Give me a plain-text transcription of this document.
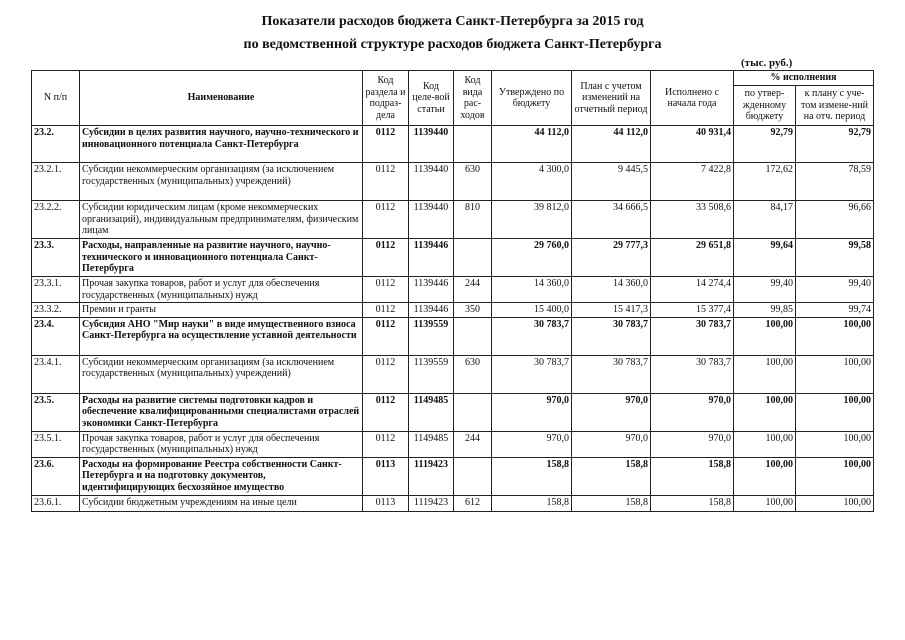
Показатели расходов бюджета Санкт-Петербурга за 2015 год
по ведомственной структуре расходов бюджета Санкт-Петербурга
(тыс. руб.)
N п/п	Наименование	Код раздела и подраз-дела	Код целе-вой статьи	Код вида рас-ходов	Утверждено по бюджету	План с учетом изменений на отчетный период	Исполнено с начала года	% исполнения	
								по утвер-жденному бюджету	к плану с уче-том измене-ний на отч. период
23.2.	Субсидии в целях развития научного, научно-технического и инновационного потенциала Санкт-Петербурга	0112	1139440		44 112,0	44 112,0	40 931,4	92,79	92,79
23.2.1.	Субсидии некоммерческим организациям (за исключением государственных (муниципальных) учреждений)	0112	1139440	630	4 300,0	9 445,5	7 422,8	172,62	78,59
23.2.2.	Субсидии юридическим лицам (кроме некоммерческих организаций), индивидуальным предпринимателям, физическим лицам	0112	1139440	810	39 812,0	34 666,5	33 508,6	84,17	96,66
23.3.	Расходы, направленные на развитие научного, научно-технического и инновационного потенциала Санкт-Петербурга	0112	1139446		29 760,0	29 777,3	29 651,8	99,64	99,58
23.3.1.	Прочая закупка товаров, работ и услуг для обеспечения государственных (муниципальных) нужд	0112	1139446	244	14 360,0	14 360,0	14 274,4	99,40	99,40
23.3.2.	Премии и гранты	0112	1139446	350	15 400,0	15 417,3	15 377,4	99,85	99,74
23.4.	Субсидия АНО "Мир науки" в виде имущественного взноса Санкт-Петербурга на осуществление уставной деятельности	0112	1139559		30 783,7	30 783,7	30 783,7	100,00	100,00
23.4.1.	Субсидии некоммерческим организациям (за исключением государственных (муниципальных) учреждений)	0112	1139559	630	30 783,7	30 783,7	30 783,7	100,00	100,00
23.5.	Расходы на развитие системы подготовки кадров и обеспечение квалифицированными специалистами отраслей экономики Санкт-Петербурга	0112	1149485		970,0	970,0	970,0	100,00	100,00
23.5.1.	Прочая закупка товаров, работ и услуг для обеспечения государственных (муниципальных) нужд	0112	1149485	244	970,0	970,0	970,0	100,00	100,00
23.6.	Расходы на формирование Реестра собственности Санкт-Петербурга и на подготовку документов, идентифицирующих бесхозяйное имущество	0113	1119423		158,8	158,8	158,8	100,00	100,00
23.6.1.	Субсидии бюджетным учреждениям на иные цели	0113	1119423	612	158,8	158,8	158,8	100,00	100,00
